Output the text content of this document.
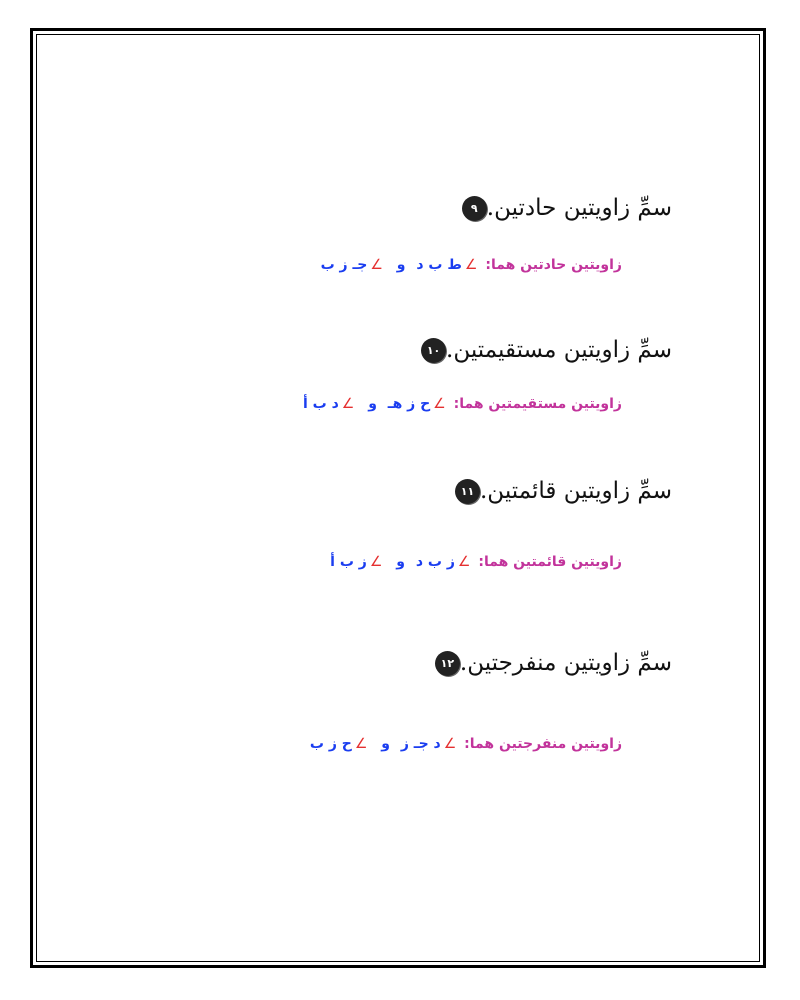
٩ سمِّ زاويتين حادتين.
زاويتين حادتين هما: ∠ط ب د و ∠جـ ز ب
١٠ سمِّ زاويتين مستقيمتين.
زاويتين مستقيمتين هما: ∠ح ز هـ و ∠د ب أ
١١ سمِّ زاويتين قائمتين.
زاويتين قائمتين هما: ∠ز ب د و ∠ز ب أ
١٢ سمِّ زاويتين منفرجتين.
زاويتين منفرجتين هما: ∠د جـ ز و ∠ح ز ب
